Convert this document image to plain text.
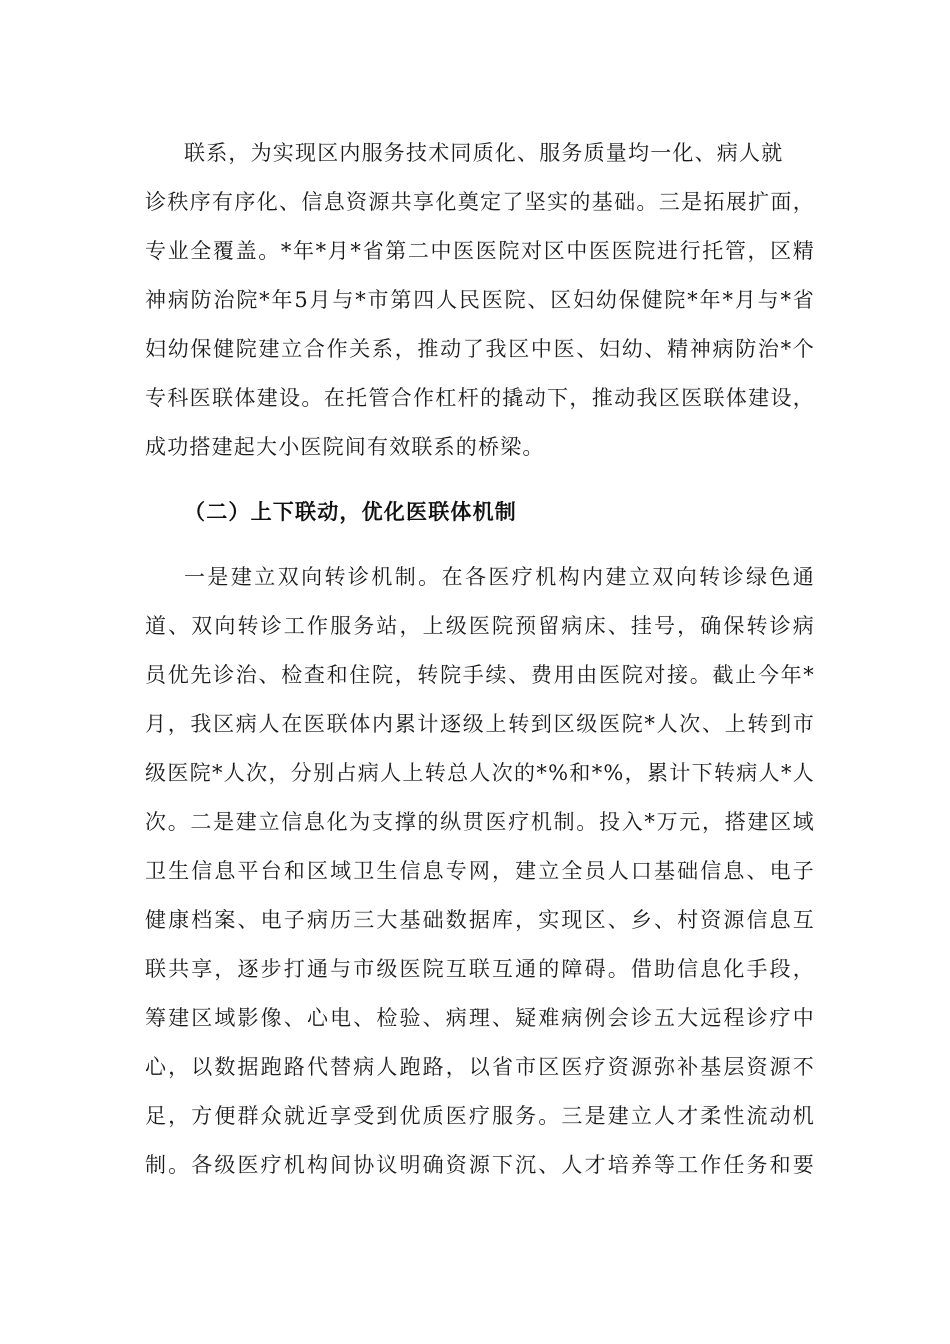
联系，为实现区内服务技术同质化、服务质量均一化、病人就
诊秩序有序化、信息资源共享化奠定了坚实的基础。三是拓展扩面，
专业全覆盖。*年*月*省第二中医医院对区中医医院进行托管，区精
神病防治院*年5月与*市第四人民医院、区妇幼保健院*年*月与*省
妇幼保健院建立合作关系，推动了我区中医、妇幼、精神病防治*个
专科医联体建设。在托管合作杠杆的撬动下，推动我区医联体建设，
成功搭建起大小医院间有效联系的桥梁。
（二）上下联动，优化医联体机制
一是建立双向转诊机制。在各医疗机构内建立双向转诊绿色通
道、双向转诊工作服务站，上级医院预留病床、挂号，确保转诊病
员优先诊治、检查和住院，转院手续、费用由医院对接。截止今年*
月，我区病人在医联体内累计逐级上转到区级医院*人次、上转到市
级医院*人次，分别占病人上转总人次的*%和*%，累计下转病人*人
次。二是建立信息化为支撑的纵贯医疗机制。投入*万元，搭建区域
卫生信息平台和区域卫生信息专网，建立全员人口基础信息、电子
健康档案、电子病历三大基础数据库，实现区、乡、村资源信息互
联共享，逐步打通与市级医院互联互通的障碍。借助信息化手段，
筹建区域影像、心电、检验、病理、疑难病例会诊五大远程诊疗中
心，以数据跑路代替病人跑路，以省市区医疗资源弥补基层资源不
足，方便群众就近享受到优质医疗服务。三是建立人才柔性流动机
制。各级医疗机构间协议明确资源下沉、人才培养等工作任务和要
